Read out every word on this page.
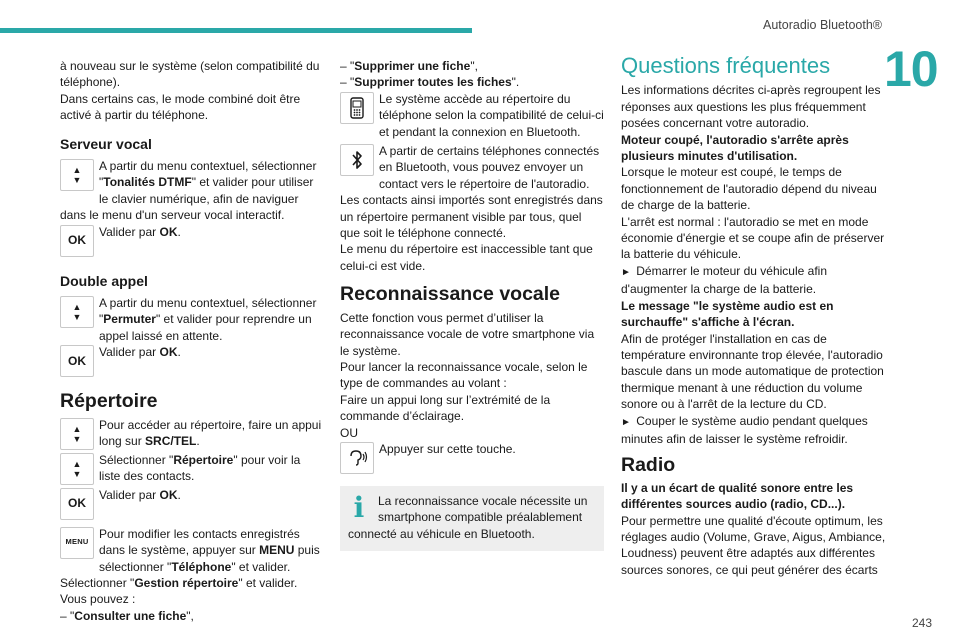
Autoradio Bluetooth®
10
243

à nouveau sur le système (selon compatibilité du téléphone).

Dans certains cas, le mode combiné doit être activé à partir du téléphone.

Serveur vocal
▲
▼
A partir du menu contextuel, sélectionner "Tonalités DTMF" et valider pour utiliser le clavier numérique, afin de naviguer dans le menu d'un serveur vocal interactif.
OK
Valider par OK.
Double appel
▲
▼
A partir du menu contextuel, sélectionner "Permuter" et valider pour reprendre un appel laissé en attente.
OK
Valider par OK.
Répertoire
▲
▼
Pour accéder au répertoire, faire un appui long sur SRC/TEL.
▲
▼
Sélectionner "Répertoire" pour voir la liste des contacts.
OK
Valider par OK.
MENU
Pour modifier les contacts enregistrés dans le système, appuyer sur MENU puis sélectionner "Téléphone" et valider.

Sélectionner "Gestion répertoire" et valider.

Vous pouvez :

– "Consulter une fiche",

– "Supprimer une fiche",

– "Supprimer toutes les fiches".

Le système accède au répertoire du téléphone selon la compatibilité de celui-ci et pendant la connexion en Bluetooth.
A partir de certains téléphones connectés en Bluetooth, vous pouvez envoyer un contact vers le répertoire de l'autoradio.

Les contacts ainsi importés sont enregistrés dans un répertoire permanent visible par tous, quel que soit le téléphone connecté.

Le menu du répertoire est inaccessible tant que celui-ci est vide.

Reconnaissance vocale

Cette fonction vous permet d’utiliser la reconnaissance vocale de votre smartphone via le système.

Pour lancer la reconnaissance vocale, selon le type de commandes au volant :

Faire un appui long sur l’extrémité de la commande d’éclairage.

OU

Appuyer sur cette touche.
i	La reconnaissance vocale nécessite un smartphone compatible préalablement connecté au véhicule en Bluetooth.
Questions fréquentes

Les informations décrites ci-après regroupent les réponses aux questions les plus fréquemment posées concernant votre autoradio.

Moteur coupé, l'autoradio s'arrête après plusieurs minutes d'utilisation.

Lorsque le moteur est coupé, le temps de fonctionnement de l'autoradio dépend du niveau de charge de la batterie.

L'arrêt est normal : l'autoradio se met en mode économie d'énergie et se coupe afin de préserver la batterie du véhicule.

► Démarrer le moteur du véhicule afin d'augmenter la charge de la batterie.

Le message "le système audio est en surchauffe" s'affiche à l'écran.

Afin de protéger l'installation en cas de température environnante trop élevée, l'autoradio bascule dans un mode automatique de protection thermique menant à une réduction du volume sonore ou à l'arrêt de la lecture du CD.

► Couper le système audio pendant quelques minutes afin de laisser le système refroidir.

Radio

Il y a un écart de qualité sonore entre les différentes sources audio (radio, CD...).

Pour permettre une qualité d'écoute optimum, les réglages audio (Volume, Grave, Aigus, Ambiance, Loudness) peuvent être adaptés aux différentes sources sonores, ce qui peut générer des écarts
